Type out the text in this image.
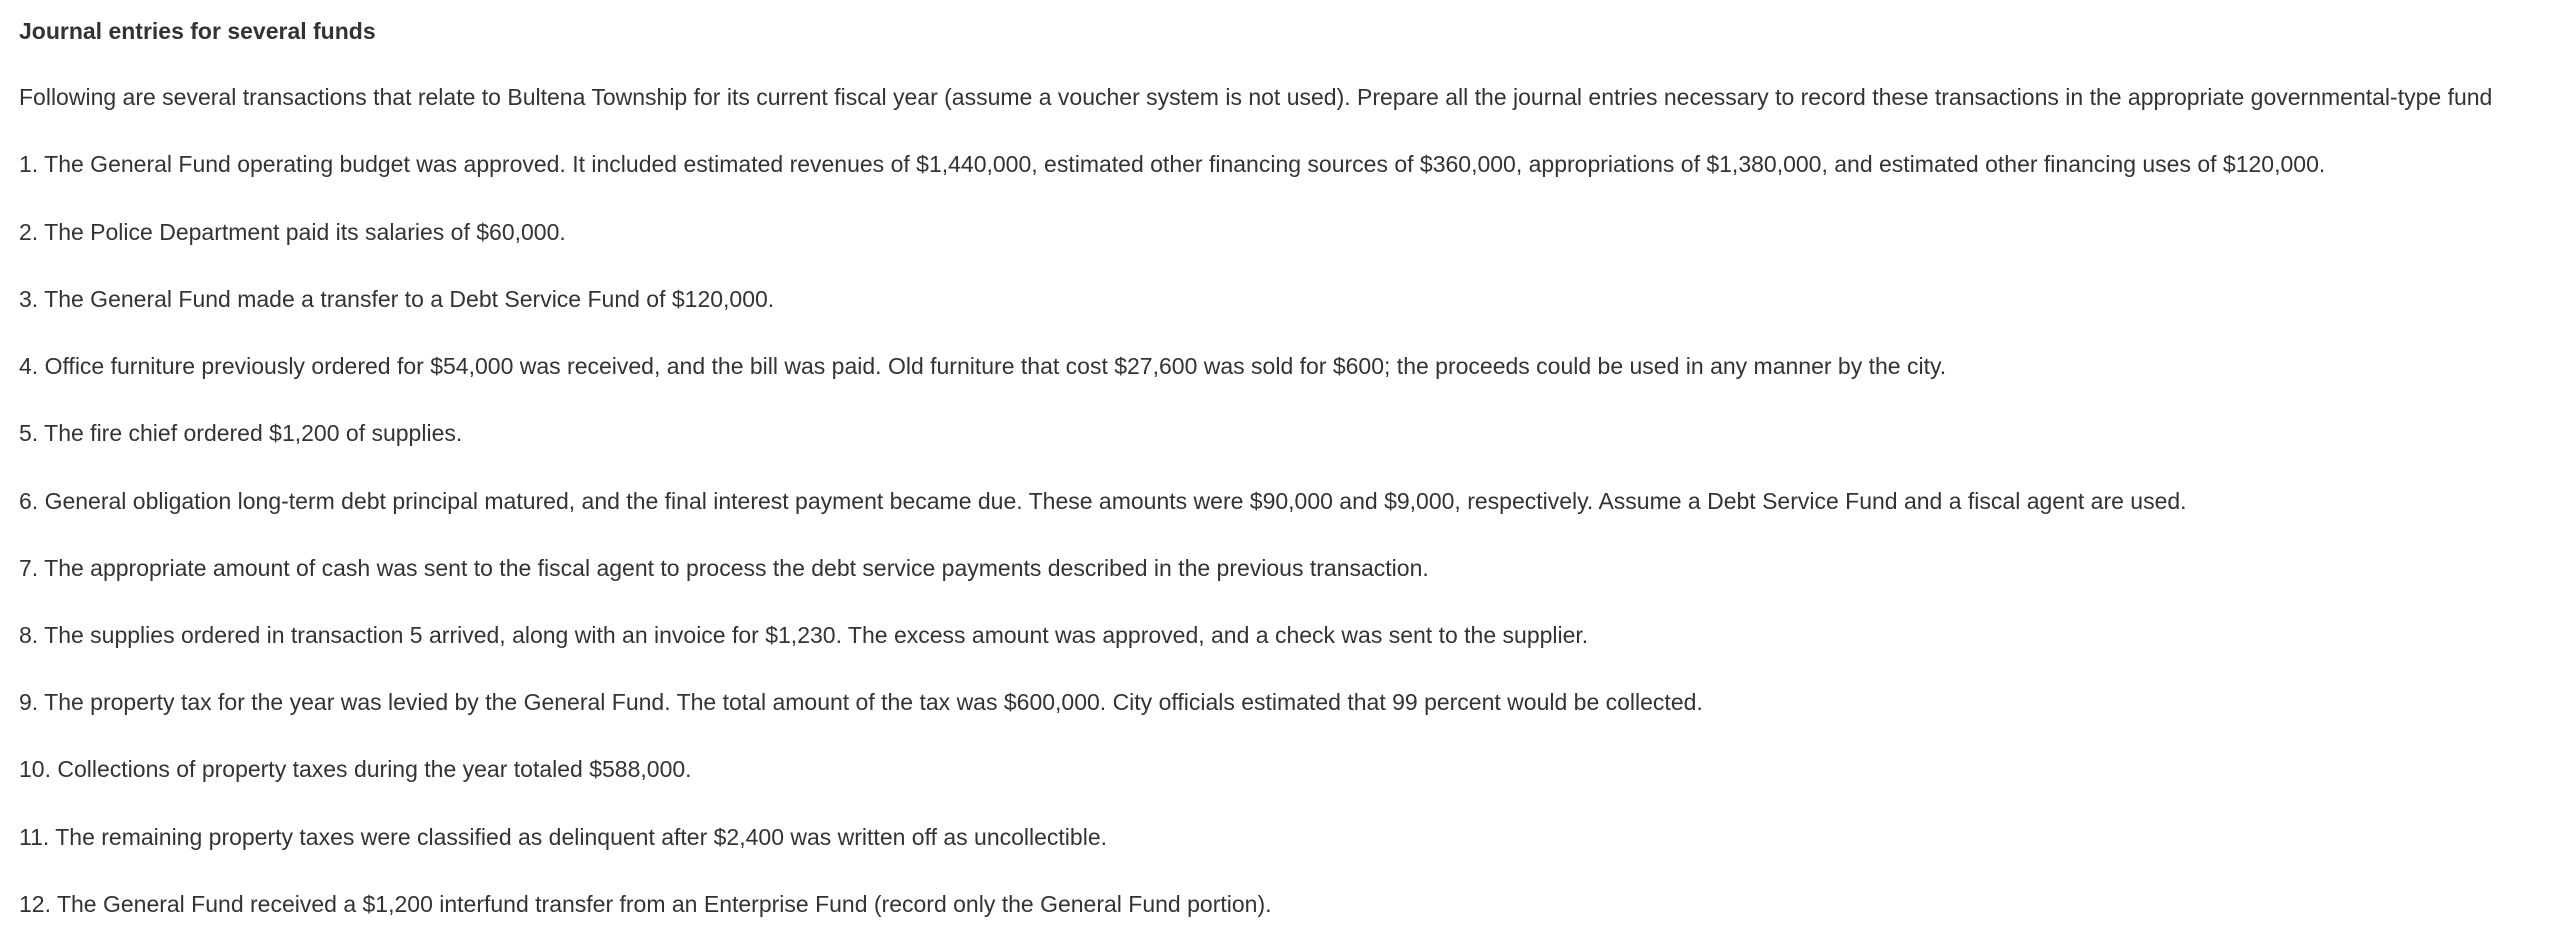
Journal entries for several funds
Following are several transactions that relate to Bultena Township for its current fiscal year (assume a voucher system is not used). Prepare all the journal entries necessary to record these transactions in the appropriate governmental-type fund
1. The General Fund operating budget was approved. It included estimated revenues of $1,440,000, estimated other financing sources of $360,000, appropriations of $1,380,000, and estimated other financing uses of $120,000.
2. The Police Department paid its salaries of $60,000.
3. The General Fund made a transfer to a Debt Service Fund of $120,000.
4. Office furniture previously ordered for $54,000 was received, and the bill was paid. Old furniture that cost $27,600 was sold for $600; the proceeds could be used in any manner by the city.
5. The fire chief ordered $1,200 of supplies.
6. General obligation long-term debt principal matured, and the final interest payment became due. These amounts were $90,000 and $9,000, respectively. Assume a Debt Service Fund and a fiscal agent are used.
7. The appropriate amount of cash was sent to the fiscal agent to process the debt service payments described in the previous transaction.
8. The supplies ordered in transaction 5 arrived, along with an invoice for $1,230. The excess amount was approved, and a check was sent to the supplier.
9. The property tax for the year was levied by the General Fund. The total amount of the tax was $600,000. City officials estimated that 99 percent would be collected.
10. Collections of property taxes during the year totaled $588,000.
11. The remaining property taxes were classified as delinquent after $2,400 was written off as uncollectible.
12. The General Fund received a $1,200 interfund transfer from an Enterprise Fund (record only the General Fund portion).
